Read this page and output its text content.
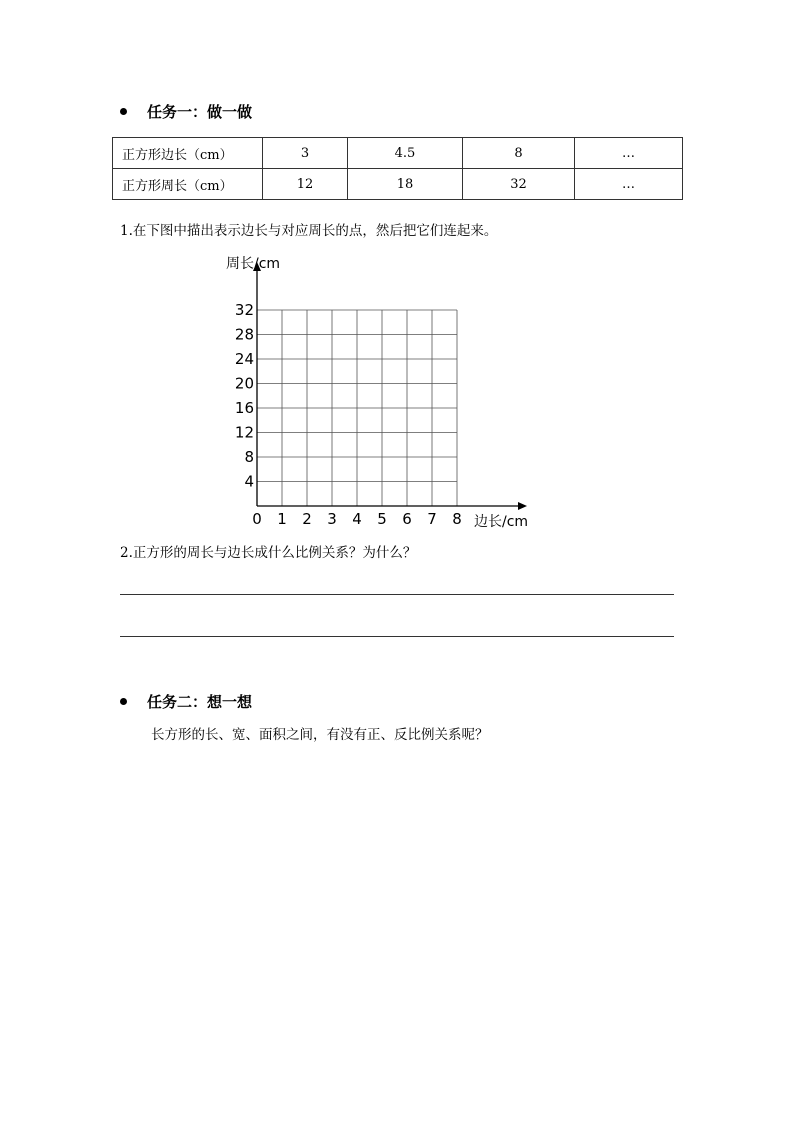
任务一：做一做
正方形边长（cm）	3	4.5	8	…
正方形周长（cm）	12	18	32	…
1.在下图中描出表示边长与对应周长的点，然后把它们连起来。
1 2 3 4 5 6 7 8
4
8
12
16
20
24
28
32
周长/cm
边长/cm
0
2.正方形的周长与边长成什么比例关系？为什么？
任务二：想一想
长方形的长、宽、面积之间，有没有正、反比例关系呢？
